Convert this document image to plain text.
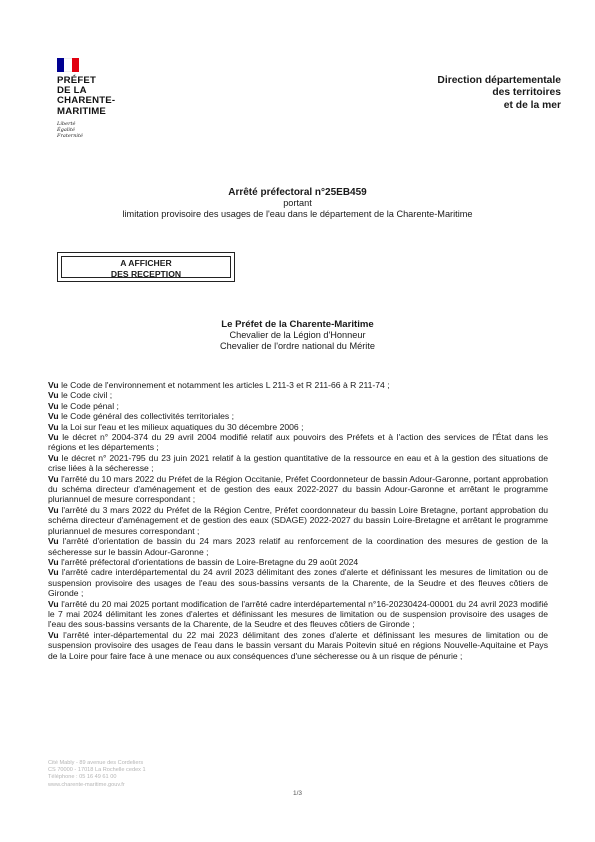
PRÉFET
DE LA
CHARENTE-
MARITIME
Liberté
Égalité
Fraternité
Direction départementale
des territoires
et de la mer
Arrêté préfectoral n°25EB459
portant
limitation provisoire des usages de l'eau dans le département de la Charente-Maritime
A AFFICHER
DES RECEPTION
Le Préfet de la Charente-Maritime
Chevalier de la Légion d'Honneur
Chevalier de l'ordre national du Mérite

Vu le Code de l'environnement et notamment les articles L 211-3 et R 211-66 à R 211-74 ;

Vu le Code civil ;

Vu le Code pénal ;

Vu le Code général des collectivités territoriales ;

Vu la Loi sur l'eau et les milieux aquatiques du 30 décembre 2006 ;

Vu le décret n° 2004-374 du 29 avril 2004 modifié relatif aux pouvoirs des Préfets et à l'action des services de l'État dans les régions et les départements ;

Vu le décret n° 2021-795 du 23 juin 2021 relatif à la gestion quantitative de la ressource en eau et à la gestion des situations de crise liées à la sécheresse ;

Vu l'arrêté du 10 mars 2022 du Préfet de la Région Occitanie, Préfet Coordonneteur de bassin Adour-Garonne, portant approbation du schéma directeur d'aménagement et de gestion des eaux 2022-2027 du bassin Adour-Garonne et arrêtant le programme pluriannuel de mesure correspondant ;

Vu l'arrêté du 3 mars 2022 du Préfet de la Région Centre, Préfet coordonnateur du bassin Loire Bretagne, portant approbation du schéma directeur d'aménagement et de gestion des eaux (SDAGE) 2022-2027 du bassin Loire-Bretagne et arrêtant le programme pluriannuel de mesures correspondant ;

Vu l'arrêté d'orientation de bassin du 24 mars 2023 relatif au renforcement de la coordination des mesures de gestion de la sécheresse sur le bassin Adour-Garonne ;

Vu l'arrêté préfectoral d'orientations de bassin de Loire-Bretagne du 29 août 2024

Vu l'arrêté cadre interdépartemental du 24 avril 2023 délimitant des zones d'alerte et définissant les mesures de limitation ou de suspension provisoire des usages de l'eau des sous-bassins versants de la Charente, de la Seudre et des fleuves côtiers de Gironde ;

Vu l'arrêté du 20 mai 2025 portant modification de l'arrêté cadre interdépartemental n°16-20230424-00001 du 24 avril 2023 modifié le 7 mai 2024 délimitant les zones d'alertes et définissant les mesures de limitation ou de suspension provisoire des usages de l'eau des sous-bassins versants de la Charente, de la Seudre et des fleuves côtiers de Gironde ;

Vu l'arrêté inter-départemental du 22 mai 2023 délimitant des zones d'alerte et définissant les mesures de limitation ou de suspension provisoire des usages de l'eau dans le bassin versant du Marais Poitevin situé en régions Nouvelle-Aquitaine et Pays de la Loire pour faire face à une menace ou aux conséquences d'une sécheresse ou à un risque de pénurie ;

Cité Mably - 89 avenue des Cordeliers
CS 70000 - 17018 La Rochelle cedex 1
Téléphone : 05 16 49 61 00
www.charente-maritime.gouv.fr
1/3
